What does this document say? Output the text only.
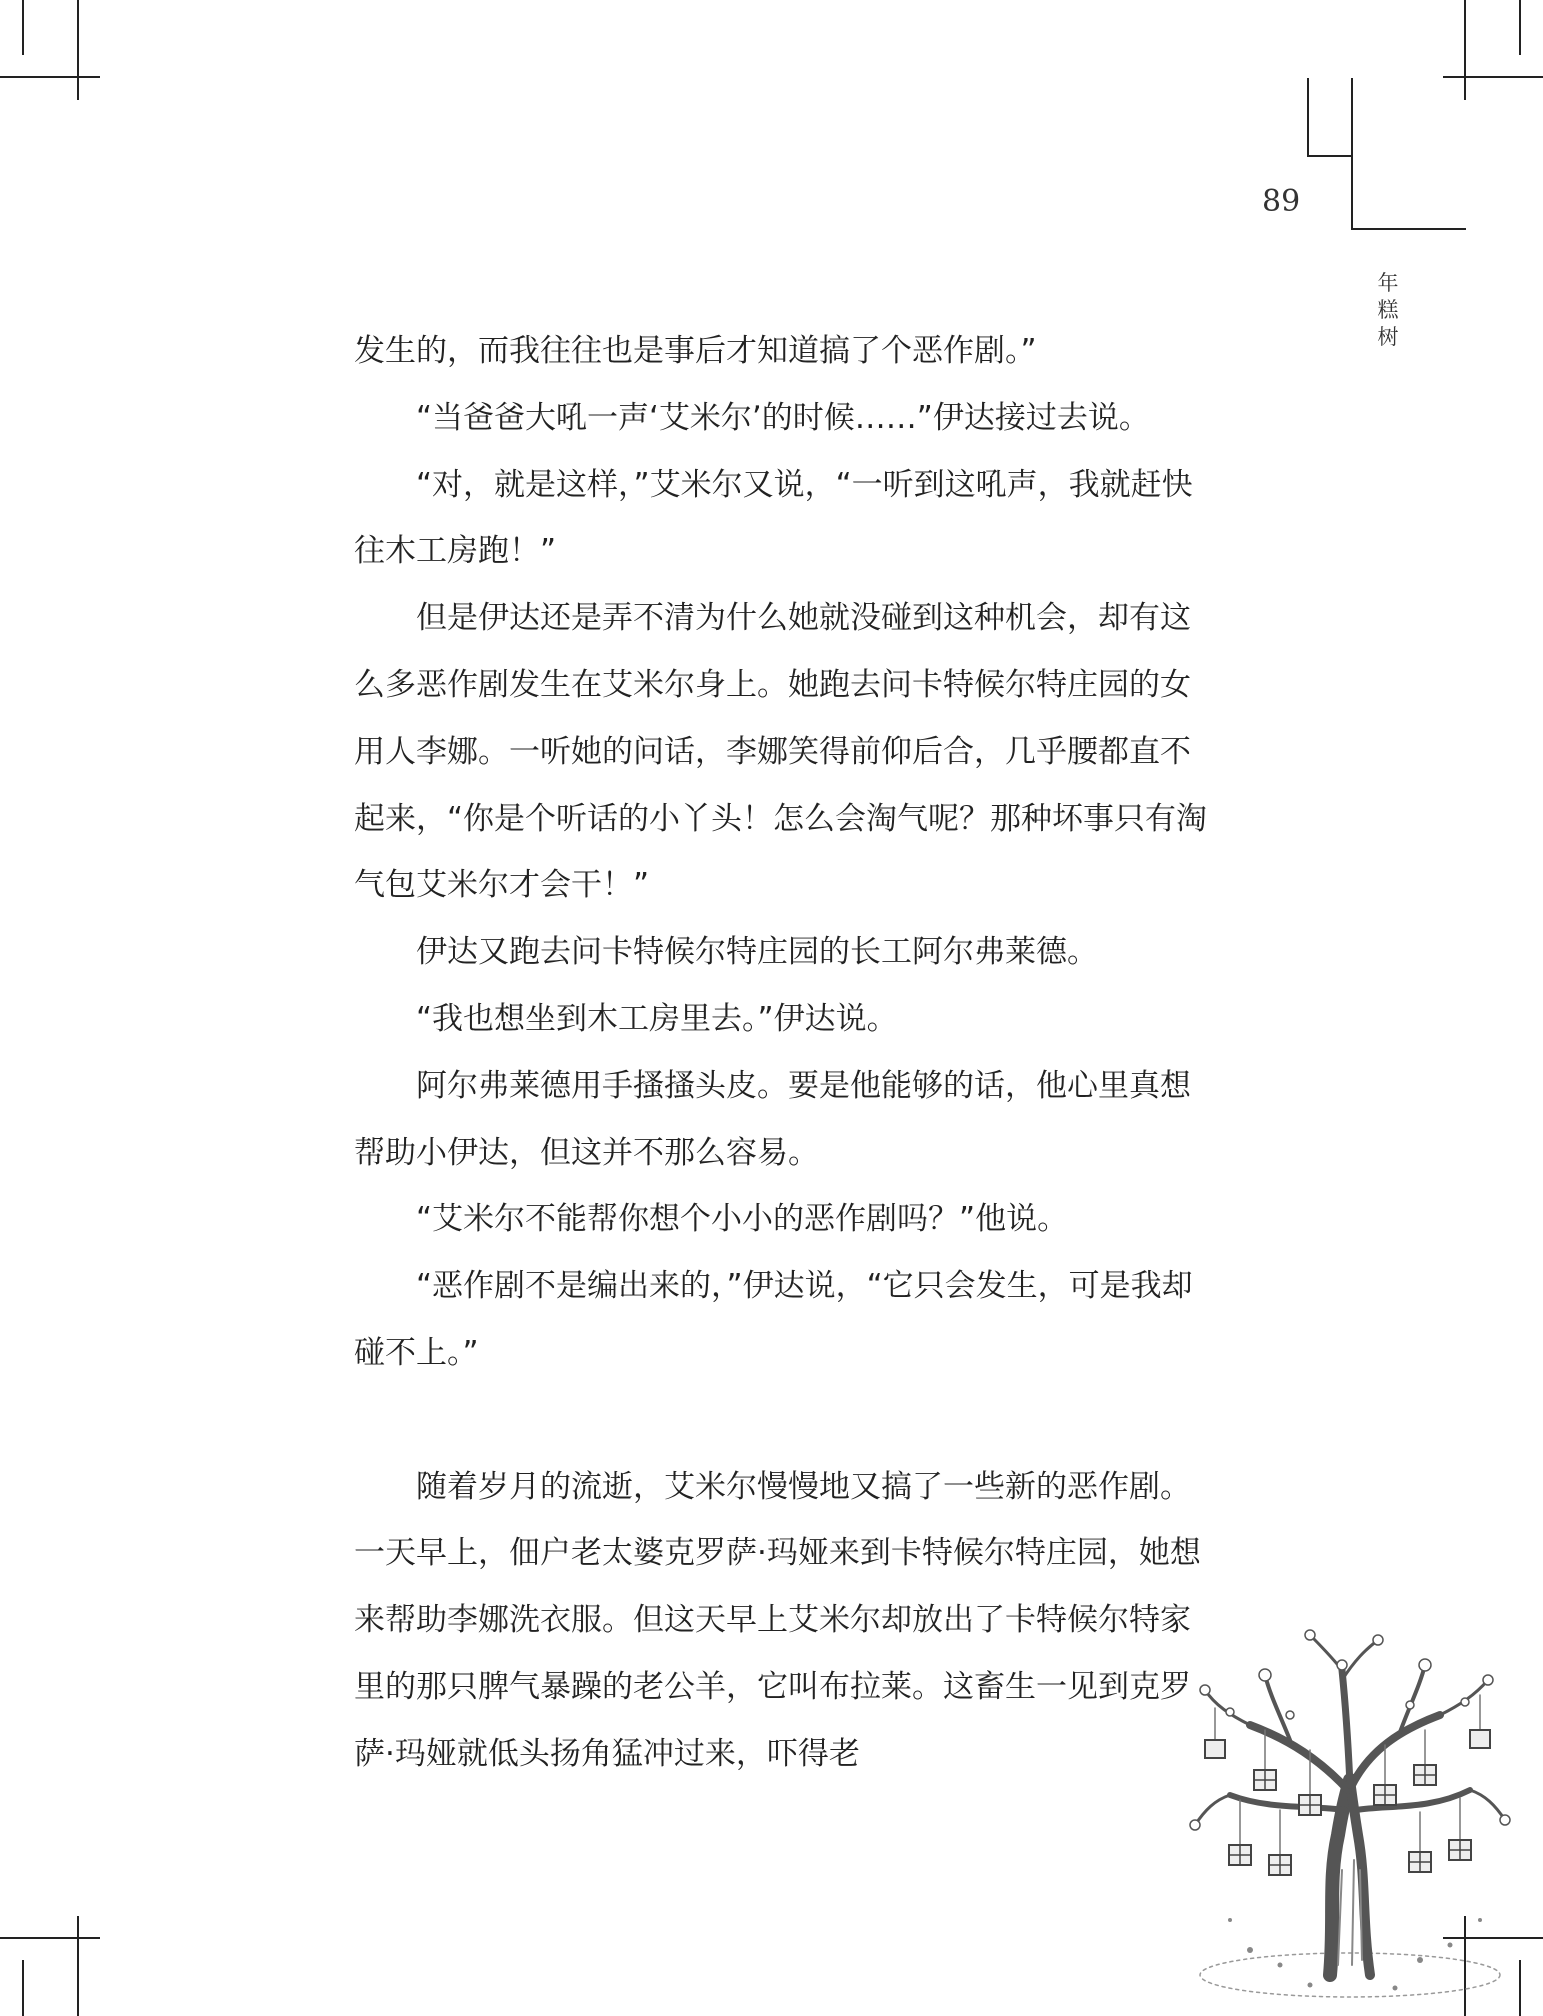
89
年
糕
树

发生的，而我往往也是事后才知道搞了个恶作剧。”

“当爸爸大吼一声‘艾米尔’的时候……”伊达接过去说。

“对，就是这样，”艾米尔又说，“一听到这吼声，我就赶快往木工房跑！”

但是伊达还是弄不清为什么她就没碰到这种机会，却有这么多恶作剧发生在艾米尔身上。她跑去问卡特候尔特庄园的女用人李娜。一听她的问话，李娜笑得前仰后合，几乎腰都直不起来，“你是个听话的小丫头！怎么会淘气呢？那种坏事只有淘气包艾米尔才会干！”

伊达又跑去问卡特候尔特庄园的长工阿尔弗莱德。

“我也想坐到木工房里去。”伊达说。

阿尔弗莱德用手搔搔头皮。要是他能够的话，他心里真想帮助小伊达，但这并不那么容易。

“艾米尔不能帮你想个小小的恶作剧吗？”他说。

“恶作剧不是编出来的，”伊达说，“它只会发生，可是我却碰不上。”

随着岁月的流逝，艾米尔慢慢地又搞了一些新的恶作剧。一天早上，佃户老太婆克罗萨·玛娅来到卡特候尔特庄园，她想来帮助李娜洗衣服。但这天早上艾米尔却放出了卡特候尔特家里的那只脾气暴躁的老公羊，它叫布拉莱。这畜生一见到克罗萨·玛娅就低头扬角猛冲过来，吓得老
